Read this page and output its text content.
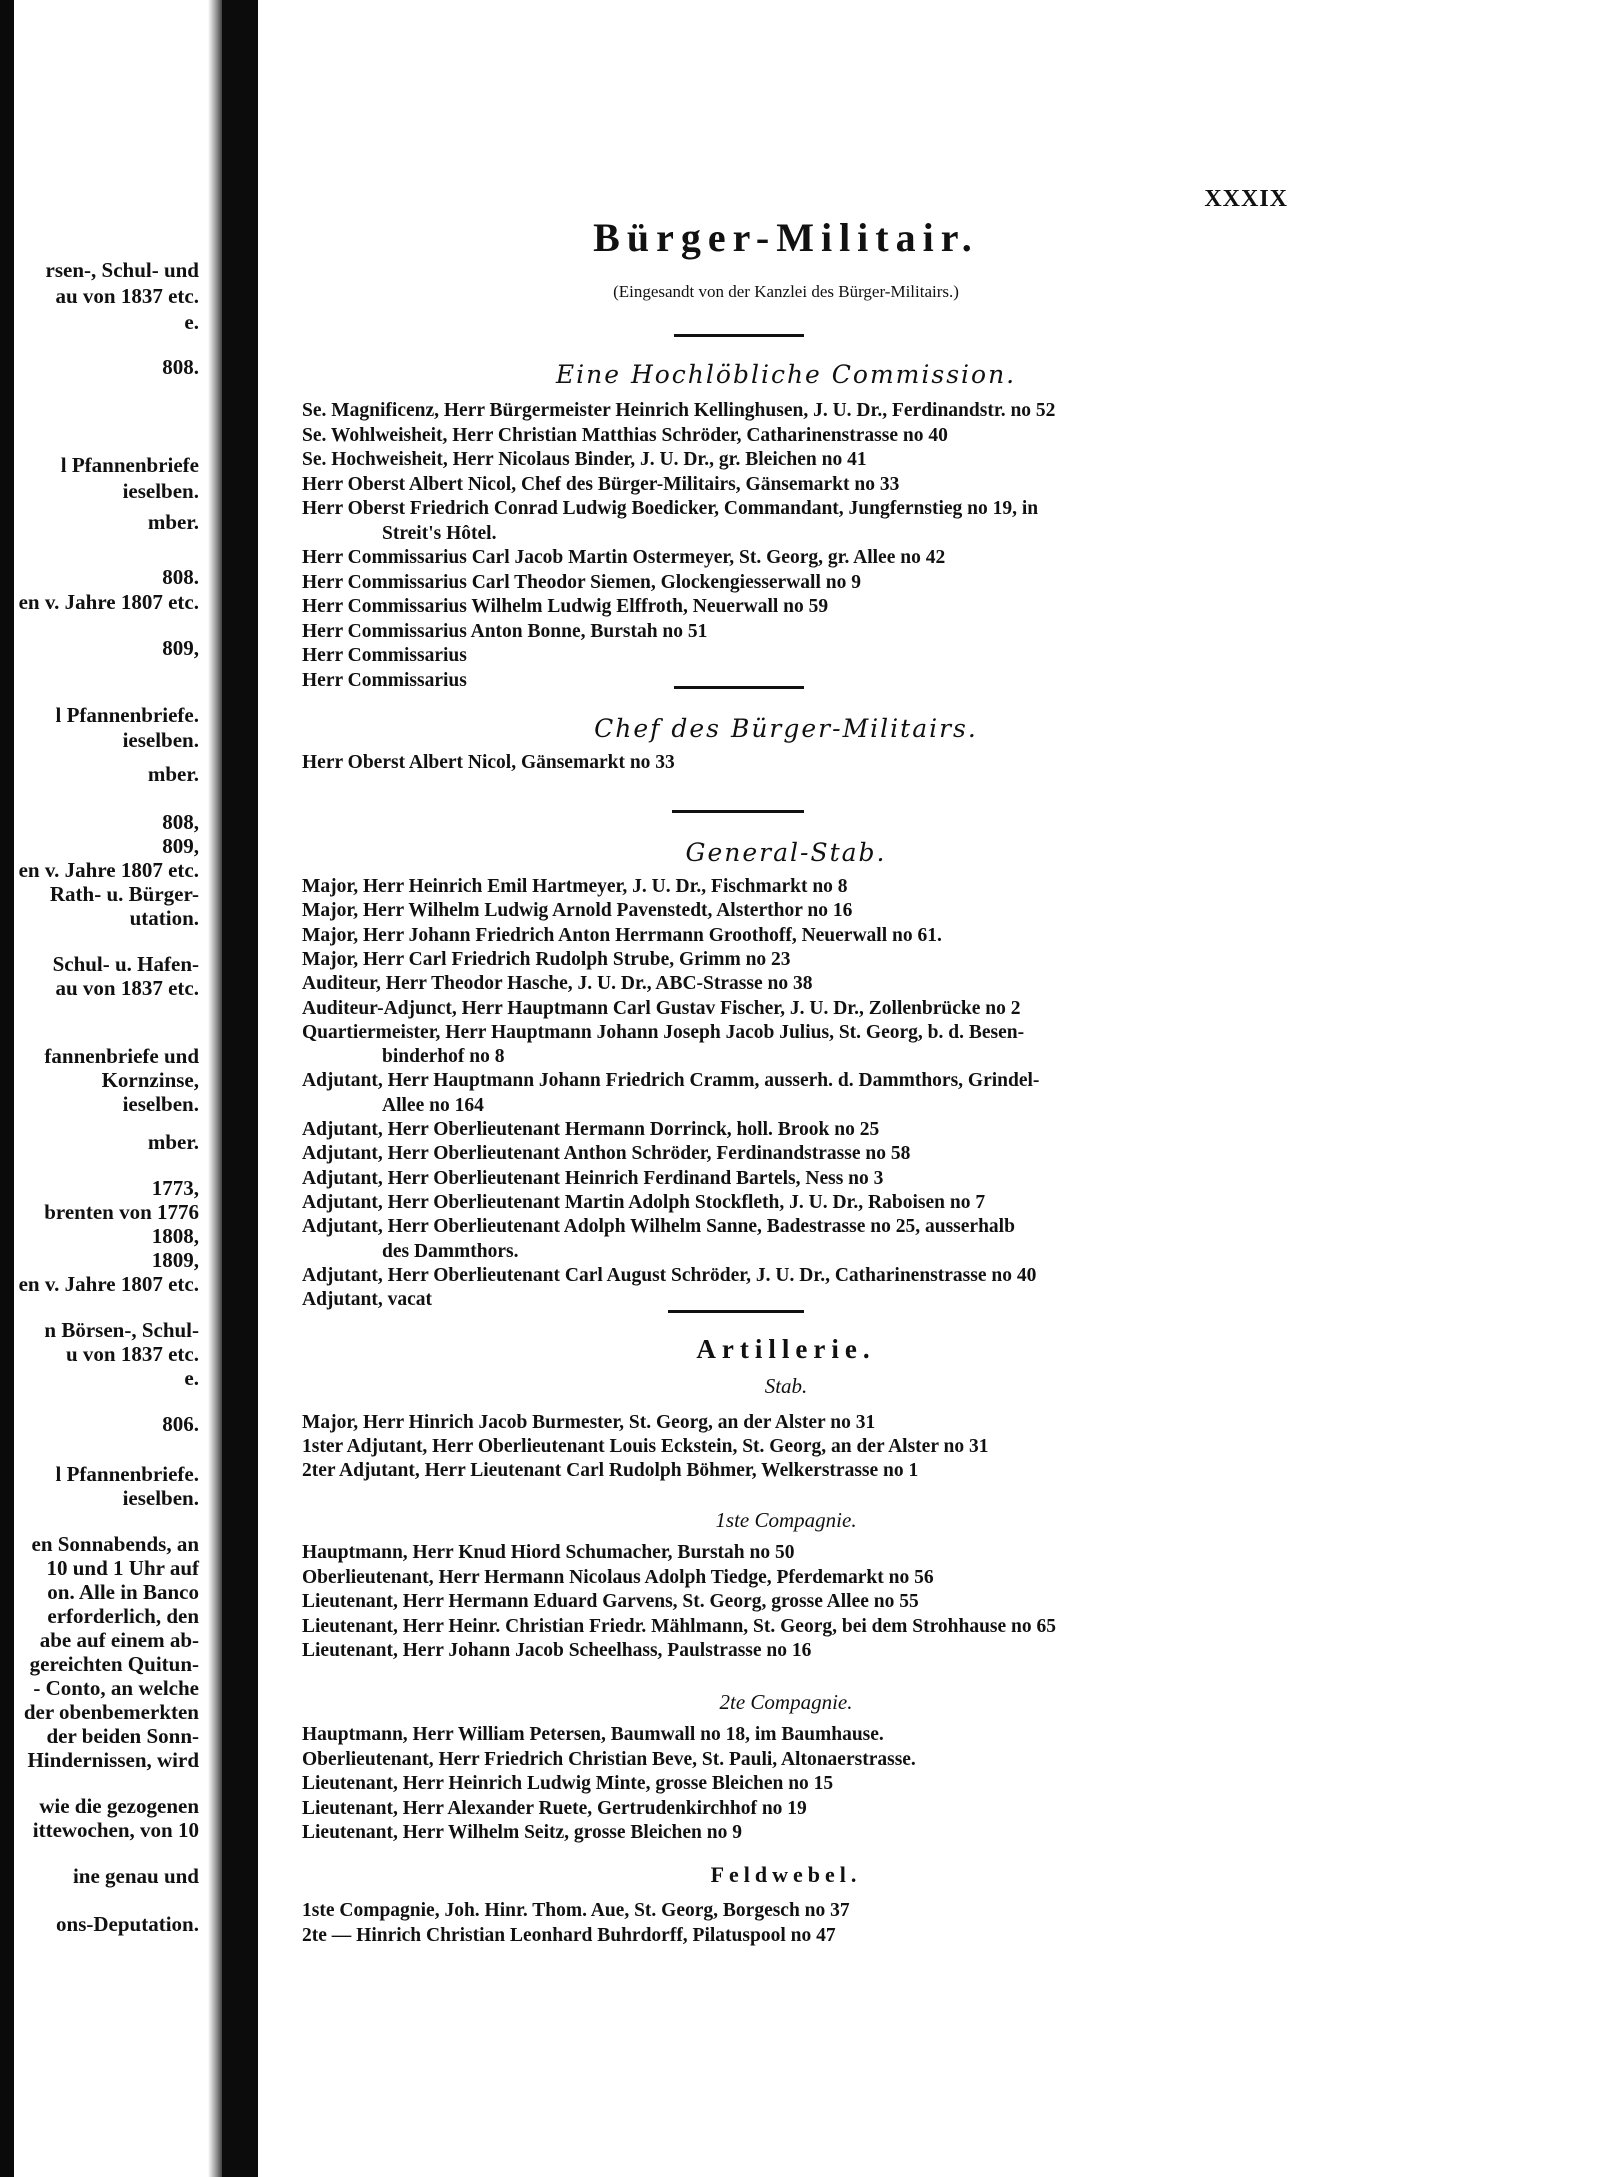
rsen-, Schul- und
au von 1837 etc.
e.
808.
l Pfannenbriefe
ieselben.
mber.
808.
en v. Jahre 1807 etc.
809,
l Pfannenbriefe.
ieselben.
mber.
808,
809,
en v. Jahre 1807 etc.
Rath- u. Bürger-
utation.
Schul- u. Hafen-
au von 1837 etc.
fannenbriefe und
Kornzinse,
ieselben.
mber.
1773,
brenten von 1776
1808,
1809,
en v. Jahre 1807 etc.
n Börsen-, Schul-
u von 1837 etc.
e.
806.
l Pfannenbriefe.
ieselben.
en Sonnabends, an
10 und 1 Uhr auf
on. Alle in Banco
erforderlich, den
abe auf einem ab-
gereichten Quitun-
- Conto, an welche
der obenbemerkten
der beiden Sonn-
Hindernissen, wird
wie die gezogenen
ittewochen, von 10
ine genau und
ons-Deputation.
XXXIX
Bürger-Militair.
(Eingesandt von der Kanzlei des Bürger-Militairs.)
Eine Hochlöbliche Commission.
Se. Magnificenz, Herr Bürgermeister Heinrich Kellinghusen, J. U. Dr., Ferdinandstr. no 52
Se. Wohlweisheit, Herr Christian Matthias Schröder, Catharinenstrasse no 40
Se. Hochweisheit, Herr Nicolaus Binder, J. U. Dr., gr. Bleichen no 41
Herr Oberst Albert Nicol, Chef des Bürger-Militairs, Gänsemarkt no 33
Herr Oberst Friedrich Conrad Ludwig Boedicker, Commandant, Jungfernstieg no 19, in
Streit's Hôtel.
Herr Commissarius Carl Jacob Martin Ostermeyer, St. Georg, gr. Allee no 42
Herr Commissarius Carl Theodor Siemen, Glockengiesserwall no 9
Herr Commissarius Wilhelm Ludwig Elffroth, Neuerwall no 59
Herr Commissarius Anton Bonne, Burstah no 51
Herr Commissarius
Herr Commissarius
Chef des Bürger-Militairs.
Herr Oberst Albert Nicol, Gänsemarkt no 33
General-Stab.
Major, Herr Heinrich Emil Hartmeyer, J. U. Dr., Fischmarkt no 8
Major, Herr Wilhelm Ludwig Arnold Pavenstedt, Alsterthor no 16
Major, Herr Johann Friedrich Anton Herrmann Groothoff, Neuerwall no 61.
Major, Herr Carl Friedrich Rudolph Strube, Grimm no 23
Auditeur, Herr Theodor Hasche, J. U. Dr., ABC-Strasse no 38
Auditeur-Adjunct, Herr Hauptmann Carl Gustav Fischer, J. U. Dr., Zollenbrücke no 2
Quartiermeister, Herr Hauptmann Johann Joseph Jacob Julius, St. Georg, b. d. Besen-
binderhof no 8
Adjutant, Herr Hauptmann Johann Friedrich Cramm, ausserh. d. Dammthors, Grindel-
Allee no 164
Adjutant, Herr Oberlieutenant Hermann Dorrinck, holl. Brook no 25
Adjutant, Herr Oberlieutenant Anthon Schröder, Ferdinandstrasse no 58
Adjutant, Herr Oberlieutenant Heinrich Ferdinand Bartels, Ness no 3
Adjutant, Herr Oberlieutenant Martin Adolph Stockfleth, J. U. Dr., Raboisen no 7
Adjutant, Herr Oberlieutenant Adolph Wilhelm Sanne, Badestrasse no 25, ausserhalb
des Dammthors.
Adjutant, Herr Oberlieutenant Carl August Schröder, J. U. Dr., Catharinenstrasse no 40
Adjutant, vacat
Artillerie.
Stab.
Major, Herr Hinrich Jacob Burmester, St. Georg, an der Alster no 31
1ster Adjutant, Herr Oberlieutenant Louis Eckstein, St. Georg, an der Alster no 31
2ter Adjutant, Herr Lieutenant Carl Rudolph Böhmer, Welkerstrasse no 1
1ste Compagnie.
Hauptmann, Herr Knud Hiord Schumacher, Burstah no 50
Oberlieutenant, Herr Hermann Nicolaus Adolph Tiedge, Pferdemarkt no 56
Lieutenant, Herr Hermann Eduard Garvens, St. Georg, grosse Allee no 55
Lieutenant, Herr Heinr. Christian Friedr. Mählmann, St. Georg, bei dem Strohhause no 65
Lieutenant, Herr Johann Jacob Scheelhass, Paulstrasse no 16
2te Compagnie.
Hauptmann, Herr William Petersen, Baumwall no 18, im Baumhause.
Oberlieutenant, Herr Friedrich Christian Beve, St. Pauli, Altonaerstrasse.
Lieutenant, Herr Heinrich Ludwig Minte, grosse Bleichen no 15
Lieutenant, Herr Alexander Ruete, Gertrudenkirchhof no 19
Lieutenant, Herr Wilhelm Seitz, grosse Bleichen no 9
Feldwebel.
1ste Compagnie, Joh. Hinr. Thom. Aue, St. Georg, Borgesch no 37
2te — Hinrich Christian Leonhard Buhrdorff, Pilatuspool no 47
